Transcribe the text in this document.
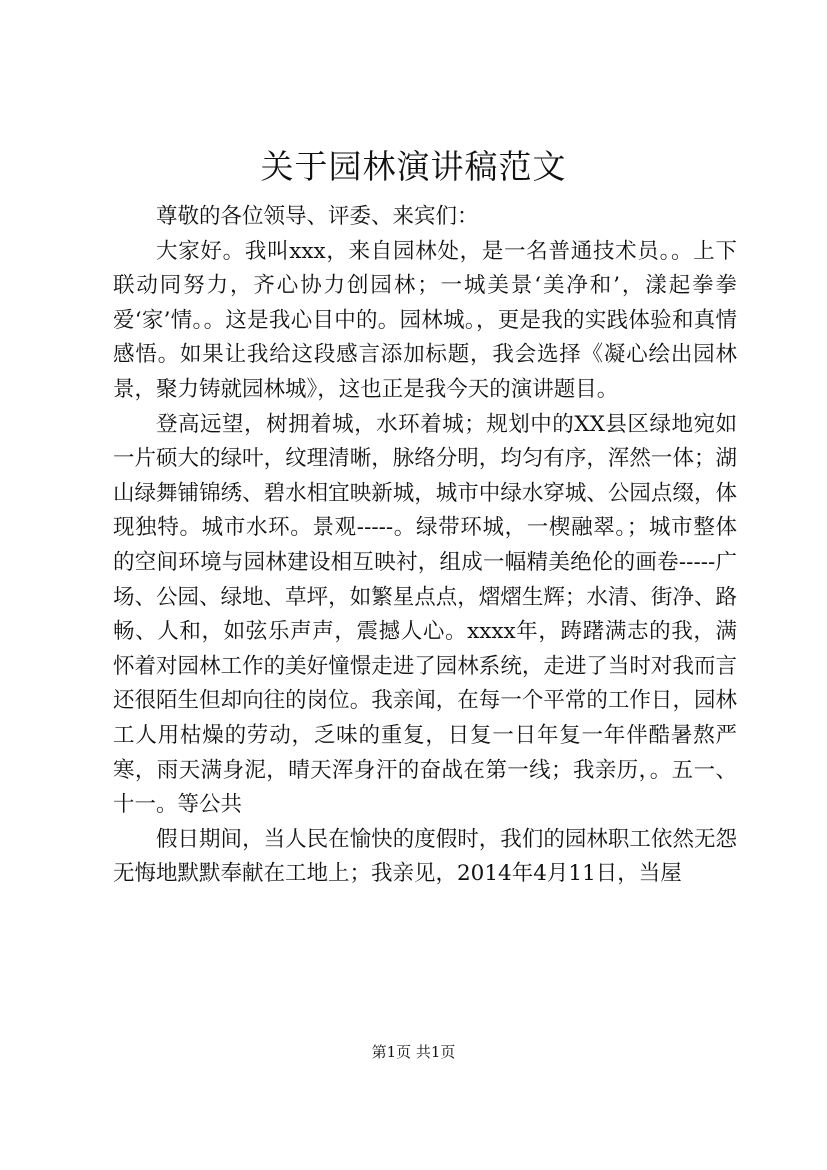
关于园林演讲稿范文

尊敬的各位领导、评委、来宾们：

大家好。我叫xxx，来自园林处，是一名普通技术员。。上下联动同努力，齐心协力创园林；一城美景‘美净和’，漾起拳拳爱‘家’情。。这是我心目中的。园林城。，更是我的实践体验和真情感悟。如果让我给这段感言添加标题，我会选择《凝心绘出园林景，聚力铸就园林城》，这也正是我今天的演讲题目。

登高远望，树拥着城，水环着城；规划中的XX县区绿地宛如一片硕大的绿叶，纹理清晰，脉络分明，均匀有序，浑然一体；湖山绿舞铺锦绣、碧水相宜映新城，城市中绿水穿城、公园点缀，体现独特。城市水环。景观-----。绿带环城，一楔融翠。；城市整体的空间环境与园林建设相互映衬，组成一幅精美绝伦的画卷-----广场、公园、绿地、草坪，如繁星点点，熠熠生辉；水清、街净、路畅、人和，如弦乐声声，震撼人心。xxxx年，踌躇满志的我，满怀着对园林工作的美好憧憬走进了园林系统，走进了当时对我而言还很陌生但却向往的岗位。我亲闻，在每一个平常的工作日，园林工人用枯燥的劳动，乏味的重复，日复一日年复一年伴酷暑熬严寒，雨天满身泥，晴天浑身汗的奋战在第一线；我亲历，。五一、十一。等公共

假日期间，当人民在愉快的度假时，我们的园林职工依然无怨无悔地默默奉献在工地上；我亲见，2014年4月11日，当屋

第1页 共1页
